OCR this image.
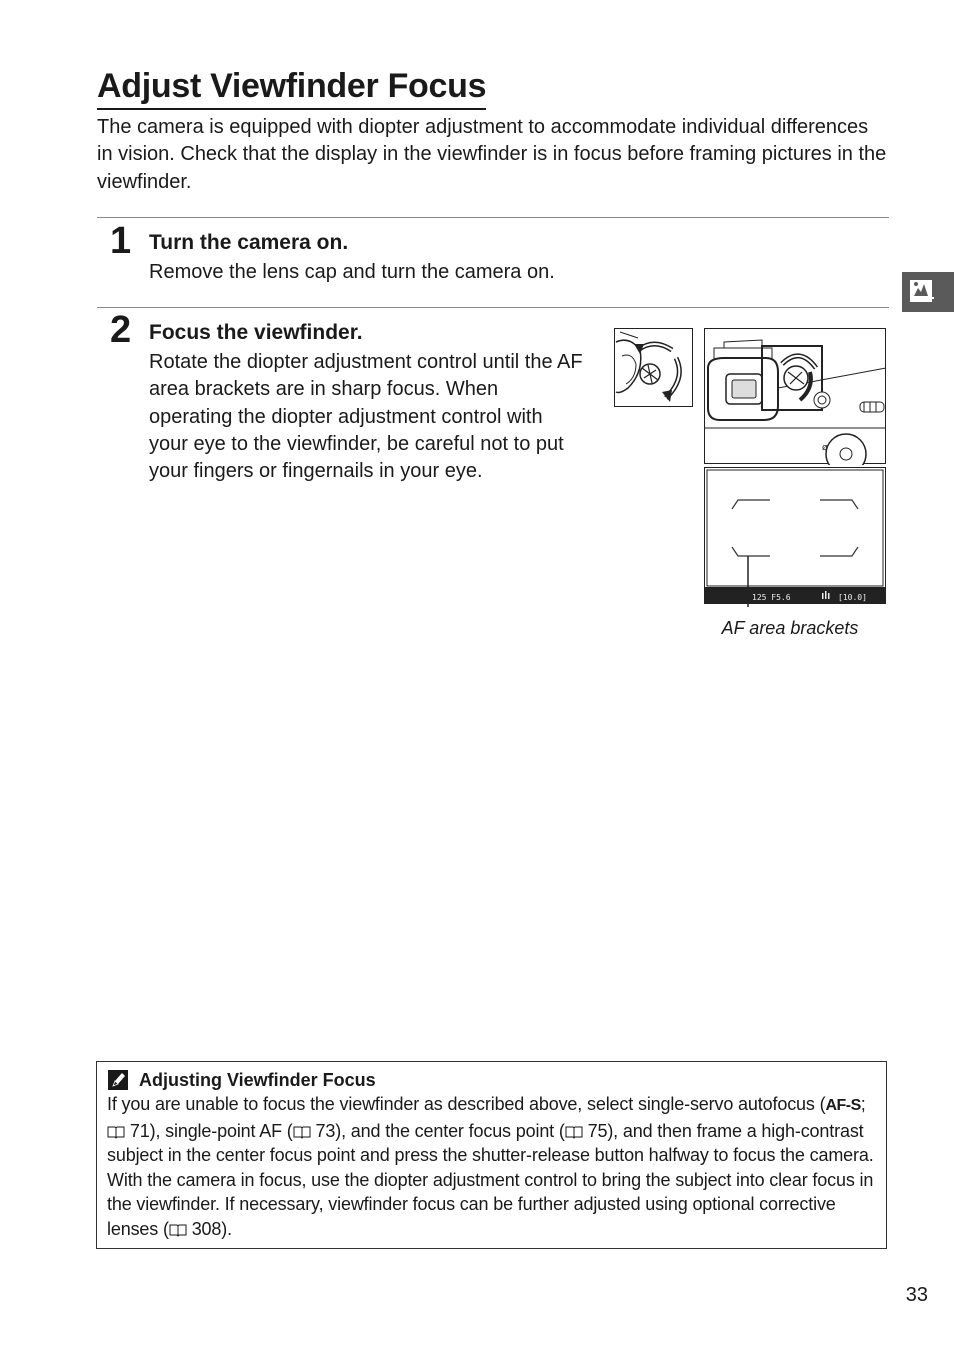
Adjust Viewfinder Focus

The camera is equipped with diopter adjustment to accommodate individual differences in vision. Check that the display in the viewfinder is in focus before framing pictures in the viewfinder.

1 Turn the camera on.

Remove the lens cap and turn the camera on.

2 Focus the viewfinder.

Rotate the diopter adjustment control until the AF area brackets are in sharp focus. When operating the diopter adjustment control with your eye to the viewfinder, be careful not to put your fingers or fingernails in your eye.

ø
125 F5.6	[10.0]
AF area brackets
Adjusting Viewfinder Focus

If you are unable to focus the viewfinder as described above, select single-servo autofocus (AF-S;  71), single-point AF ( 73), and the center focus point ( 75), and then frame a high-contrast subject in the center focus point and press the shutter-release button halfway to focus the camera. With the camera in focus, use the diopter adjustment control to bring the subject into clear focus in the viewfinder. If necessary, viewfinder focus can be further adjusted using optional corrective lenses ( 308).

33
